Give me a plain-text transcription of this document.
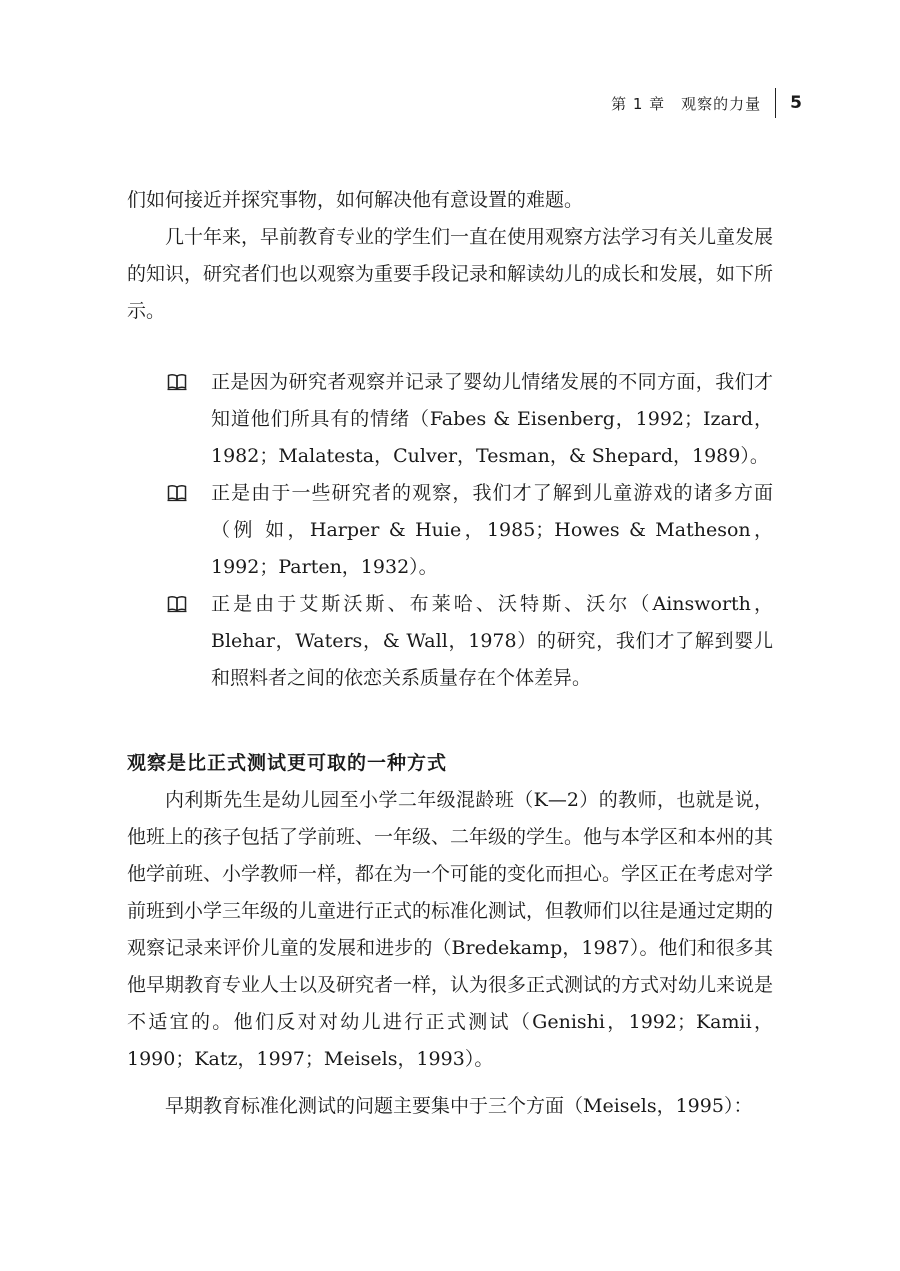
第 1 章　观察的力量 5

们如何接近并探究事物，如何解决他有意设置的难题。

几十年来，早前教育专业的学生们一直在使用观察方法学习有关儿童发展的知识，研究者们也以观察为重要手段记录和解读幼儿的成长和发展，如下所示。

正是因为研究者观察并记录了婴幼儿情绪发展的不同方面，我们才知道他们所具有的情绪（Fabes & Eisenberg，1992；Izard，1982；Malatesta，Culver，Tesman，& Shepard，1989）。
正是由于一些研究者的观察，我们才了解到儿童游戏的诸多方面（例 如，Harper & Huie，1985；Howes & Matheson，1992；Parten，1932）。
正是由于艾斯沃斯、布莱哈、沃特斯、沃尔（Ainsworth，Blehar，Waters，& Wall，1978）的研究，我们才了解到婴儿和照料者之间的依恋关系质量存在个体差异。

观察是比正式测试更可取的一种方式

内利斯先生是幼儿园至小学二年级混龄班（K—2）的教师，也就是说，他班上的孩子包括了学前班、一年级、二年级的学生。他与本学区和本州的其他学前班、小学教师一样，都在为一个可能的变化而担心。学区正在考虑对学前班到小学三年级的儿童进行正式的标准化测试，但教师们以往是通过定期的观察记录来评价儿童的发展和进步的（Bredekamp，1987）。他们和很多其他早期教育专业人士以及研究者一样，认为很多正式测试的方式对幼儿来说是不适宜的。他们反对对幼儿进行正式测试（Genishi，1992；Kamii，1990；Katz，1997；Meisels，1993）。

早期教育标准化测试的问题主要集中于三个方面（Meisels，1995）：
